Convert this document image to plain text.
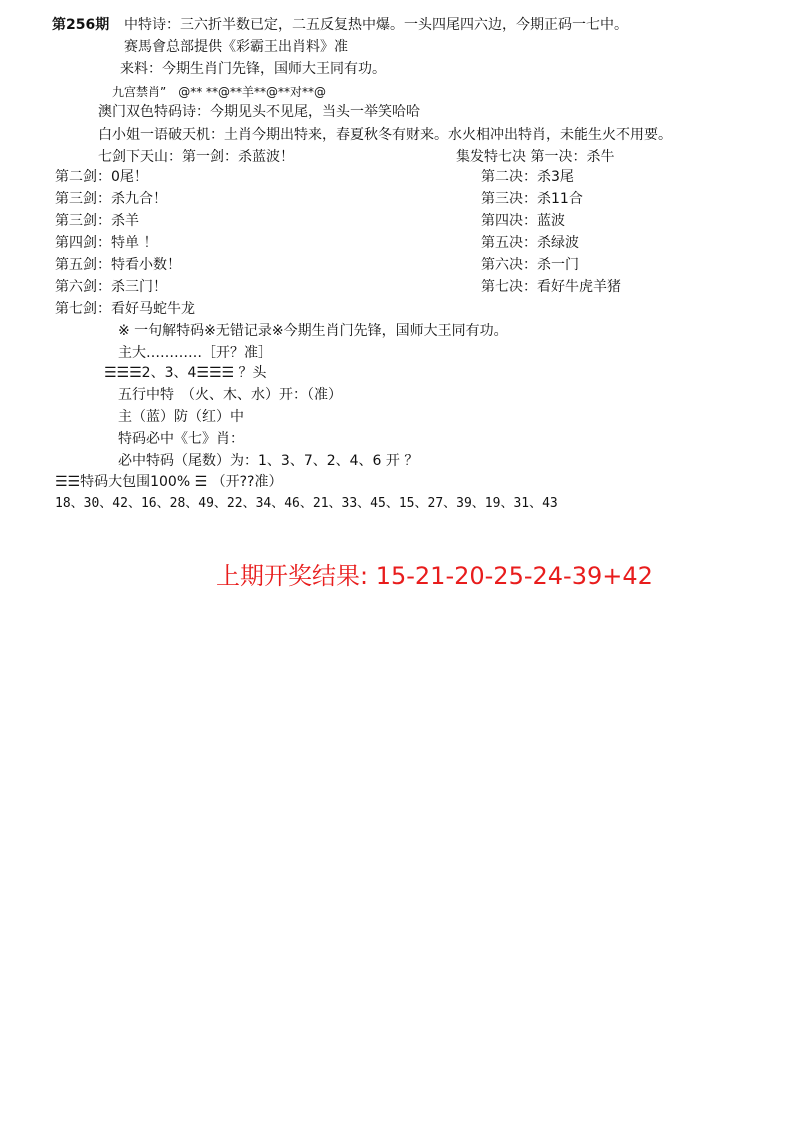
第256期 中特诗：三六折半数已定，二五反复热中爆。一头四尾四六边，今期正码一七中。
赛馬會总部提供《彩霸王出肖料》准
来料：今期生肖门先锋，国师大王同有功。
九宫禁肖”　@** **@**羊**@**对**@
澳门双色特码诗：今期见头不见尾，当头一举笑哈哈
白小姐一语破天机：土肖今期出特来，春夏秋冬有财来。水火相冲出特肖，未能生火不用要。
七剑下天山：第一剑：杀蓝波！	集发特七决 第一决：杀牛
第二剑：0尾！
第三剑：杀九合！
第三剑：杀羊
第四剑：特单 ！
第五剑：特看小数！
第六剑：杀三门！
第七剑：看好马蛇牛龙
第二决：杀3尾
第三决：杀11合
第四决：蓝波
第五决：杀绿波
第六决：杀一门
第七决：看好牛虎羊猪
※ 一句解特码※无错记录※今期生肖门先锋，国师大王同有功。
主大…………［开？准］
☰☰☰2、3、4☰☰☰ ？头
五行中特　（火、木、水）开：（准）
主（蓝）防（红）中
特码必中《七》肖：
必中特码（尾数）为：1、3、7、2、4、6 开 ？
☰☰特码大包围100% ☰ （开??准）
18、30、42、16、28、49、22、34、46、21、33、45、15、27、39、19、31、43
上期开奖结果: 15-21-20-25-24-39+42
